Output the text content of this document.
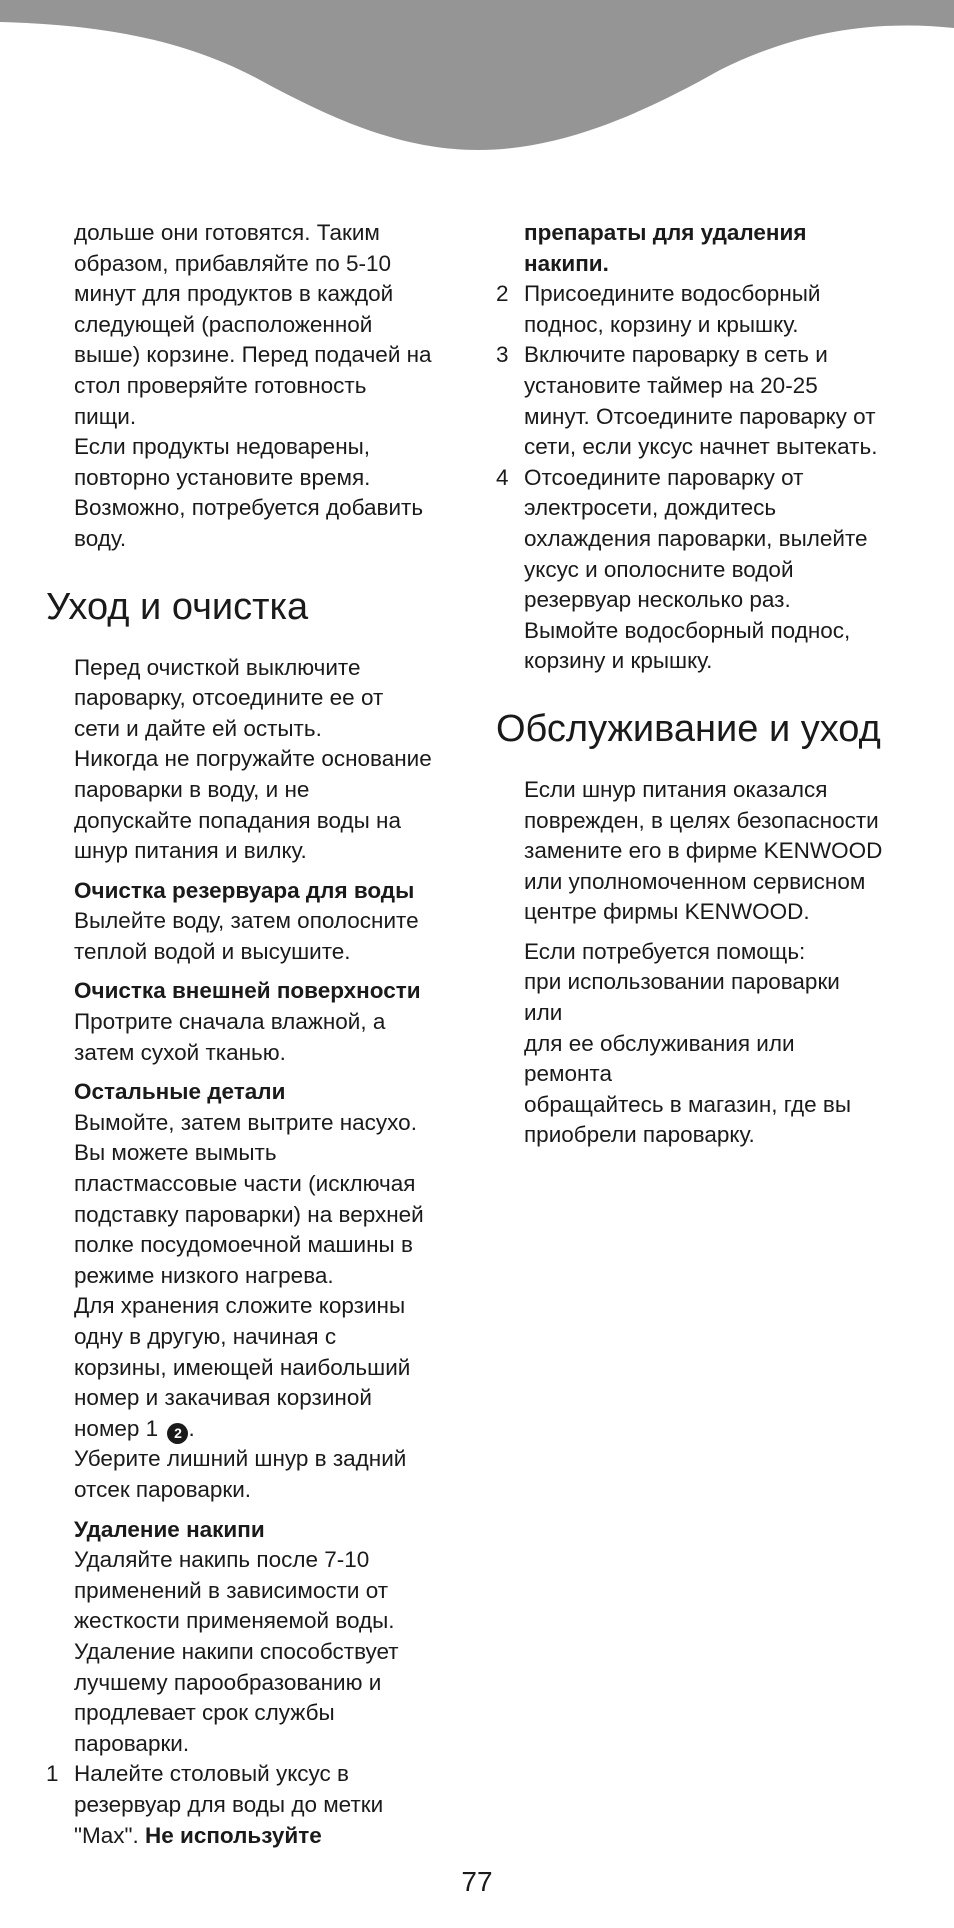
дольше они готовятся. Таким
образом, прибавляйте по 5-10
минут для продуктов в каждой
следующей (расположенной
выше) корзине. Перед подачей на
стол проверяйте готовность
пищи.
Если продукты недоварены,
повторно установите время.
Возможно, потребуется добавить
воду.
Уход и очистка
Перед очисткой выключите
пароварку, отсоедините ее от
сети и дайте ей остыть.
Никогда не погружайте основание
пароварки в воду, и не
допускайте попадания воды на
шнур питания и вилку.
Очистка резервуара для воды
Вылейте воду, затем ополосните
теплой водой и высушите.
Очистка внешней поверхности
Протрите сначала влажной, а
затем сухой тканью.
Остальные детали
Вымойте, затем вытрите насухо.
Вы можете вымыть
пластмассовые части (исключая
подставку пароварки) на верхней
полке посудомоечной машины в
режиме низкого нагрева.
Для хранения сложите корзины
одну в другую, начиная с
корзины, имеющей наибольший
номер и закачивая корзиной
номер 1 2 .
Уберите лишний шнур в задний
отсек пароварки.
Удаление накипи
Удаляйте накипь после 7-10
применений в зависимости от
жесткости применяемой воды.
Удаление накипи способствует
лучшему парообразованию и
продлевает срок службы
пароварки.
1 Налейте столовый уксус в
резервуар для воды до метки
"Max". Не используйте
препараты для удаления
накипи.
2 Присоедините водосборный
поднос, корзину и крышку.
3 Включите пароварку в сеть и
установите таймер на 20-25
минут. Отсоедините пароварку от
сети, если уксус начнет вытекать.
4 Отсоедините пароварку от
электросети, дождитесь
охлаждения пароварки, вылейте
уксус и ополосните водой
резервуар несколько раз.
Вымойте водосборный поднос,
корзину и крышку.
Обслуживание и уход
Если шнур питания оказался
поврежден, в целях безопасности
замените его в фирме KENWOOD
или уполномоченном сервисном
центре фирмы KENWOOD.
Если потребуется помощь:
при использовании пароварки
или
для ее обслуживания или
ремонта
обращайтесь в магазин, где вы
приобрели пароварку.
77
